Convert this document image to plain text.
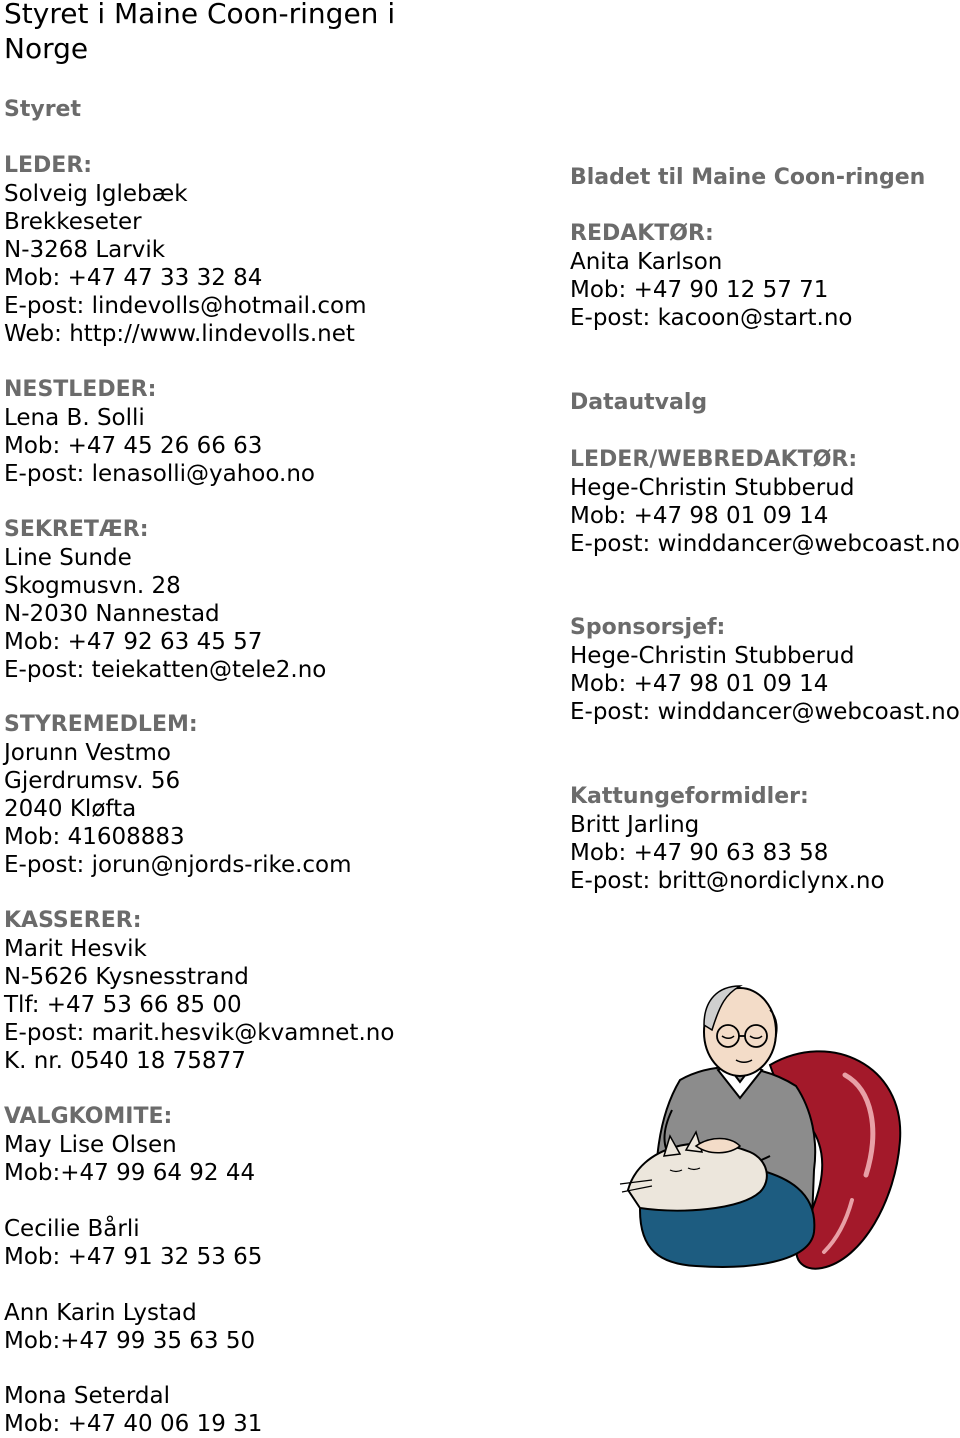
Styret i Maine Coon-ringen i Norge
Styret
LEDER:
Solveig Iglebæk
Brekkeseter
N-3268 Larvik
Mob: +47 47 33 32 84
E-post: lindevolls@hotmail.com
Web: http://www.lindevolls.net
NESTLEDER:
Lena B. Solli
Mob: +47 45 26 66 63
E-post: lenasolli@yahoo.no
SEKRETÆR:
Line Sunde
Skogmusvn. 28
N-2030 Nannestad
Mob: +47 92 63 45 57
E-post: teiekatten@tele2.no
STYREMEDLEM:
Jorunn Vestmo
Gjerdrumsv. 56
2040 Kløfta
Mob: 41608883
E-post: jorun@njords-rike.com
KASSERER:
Marit Hesvik
N-5626 Kysnesstrand
Tlf: +47 53 66 85 00
E-post: marit.hesvik@kvamnet.no
K. nr. 0540 18 75877
VALGKOMITE:
May Lise Olsen
Mob:+47 99 64 92 44
Cecilie Bårli
Mob: +47 91 32 53 65
Ann Karin Lystad
Mob:+47 99 35 63 50
Mona Seterdal
Mob: +47 40 06 19 31
Bladet til Maine Coon-ringen
REDAKTØR:
Anita Karlson
Mob: +47 90 12 57 71
E-post: kacoon@start.no
Datautvalg
LEDER/WEBREDAKTØR:
Hege-Christin Stubberud
Mob: +47 98 01 09 14
E-post: winddancer@webcoast.no
Sponsorsjef:
Hege-Christin Stubberud
Mob: +47 98 01 09 14
E-post: winddancer@webcoast.no
Kattungeformidler:
Britt Jarling
Mob: +47 90 63 83 58
E-post: britt@nordiclynx.no
